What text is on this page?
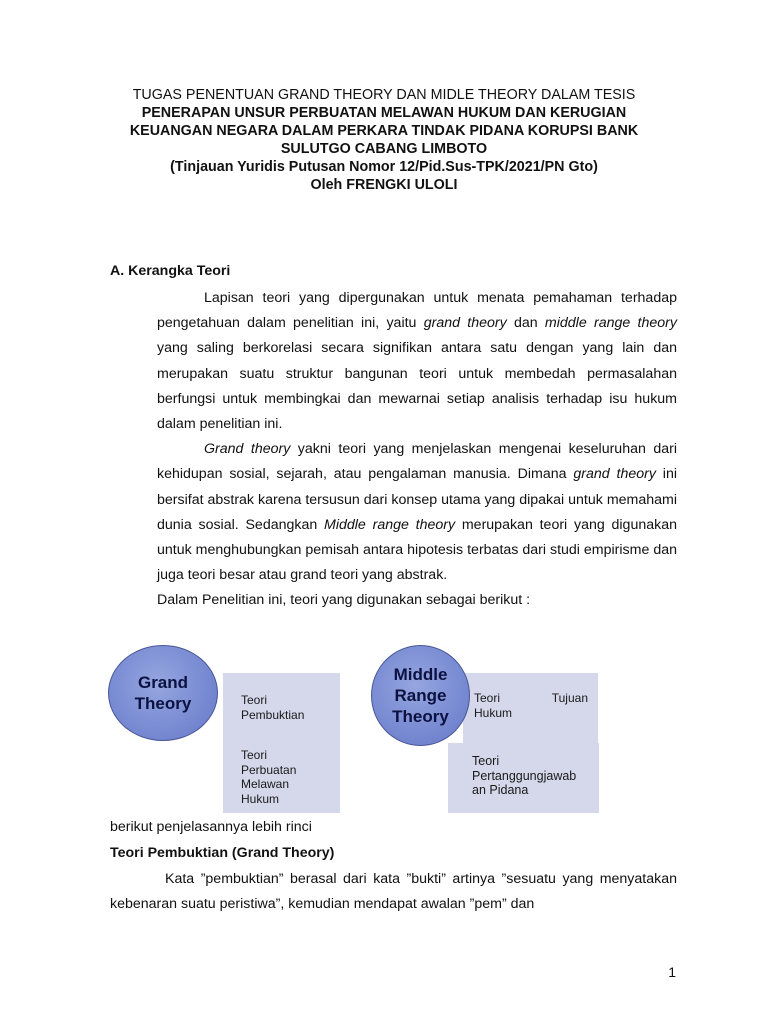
TUGAS PENENTUAN GRAND THEORY DAN MIDLE THEORY DALAM TESIS
PENERAPAN UNSUR PERBUATAN MELAWAN HUKUM DAN KERUGIAN
KEUANGAN NEGARA DALAM PERKARA TINDAK PIDANA KORUPSI BANK
SULUTGO CABANG LIMBOTO
(Tinjauan Yuridis Putusan Nomor 12/Pid.Sus-TPK/2021/PN Gto)
Oleh FRENGKI ULOLI
A. Kerangka Teori

Lapisan teori yang dipergunakan untuk menata pemahaman terhadap pengetahuan dalam penelitian ini, yaitu grand theory dan middle range theory yang saling berkorelasi secara signifikan antara satu dengan yang lain dan merupakan suatu struktur bangunan teori untuk membedah permasalahan berfungsi untuk membingkai dan mewarnai setiap analisis terhadap isu hukum dalam penelitian ini.

Grand theory yakni teori yang menjelaskan mengenai keseluruhan dari kehidupan sosial, sejarah, atau pengalaman manusia. Dimana grand theory ini bersifat abstrak karena tersusun dari konsep utama yang dipakai untuk memahami dunia sosial. Sedangkan Middle range theory merupakan teori yang digunakan untuk menghubungkan pemisah antara hipotesis terbatas dari studi empirisme dan juga teori besar atau grand teori yang abstrak.

Dalam Penelitian ini, teori yang digunakan sebagai berikut :

Teori Pembuktian
Teori
Perbuatan
Melawan
Hukum
Grand
Theory	Teori	Tujuan
Hukum
Teori
Pertanggungjawab
an Pidana
Middle
Range
Theory
berikut penjelasannya lebih rinci
Teori Pembuktian (Grand Theory)

Kata ”pembuktian” berasal dari kata ”bukti” artinya ”sesuatu yang menyatakan kebenaran suatu peristiwa”, kemudian mendapat awalan ”pem” dan

1
